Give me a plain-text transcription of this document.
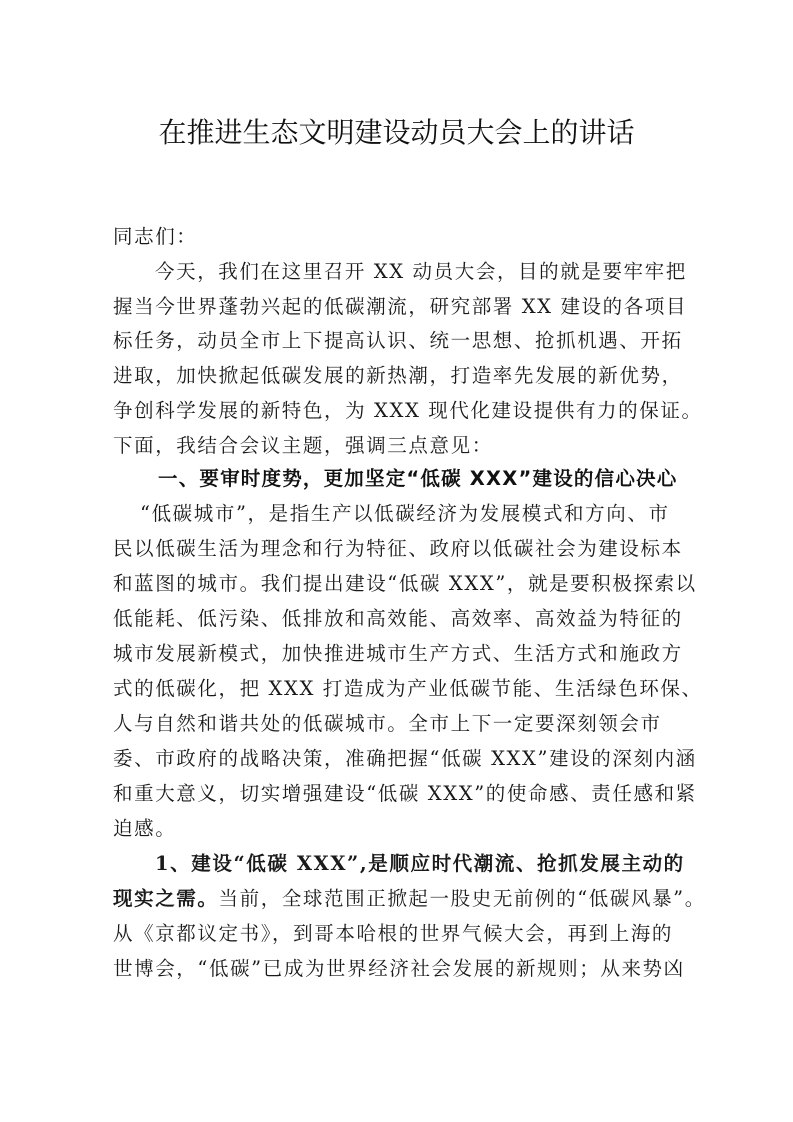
在推进生态文明建设动员大会上的讲话
同志们：
今天，我们在这里召开 XX 动员大会，目的就是要牢牢把
握当今世界蓬勃兴起的低碳潮流，研究部署 XX 建设的各项目
标任务，动员全市上下提高认识、统一思想、抢抓机遇、开拓
进取，加快掀起低碳发展的新热潮，打造率先发展的新优势，
争创科学发展的新特色，为 XXX 现代化建设提供有力的保证。
下面，我结合会议主题，强调三点意见：
一、要审时度势，更加坚定“低碳 XXX”建设的信心决心
“低碳城市”，是指生产以低碳经济为发展模式和方向、市
民以低碳生活为理念和行为特征、政府以低碳社会为建设标本
和蓝图的城市。我们提出建设“低碳 XXX”，就是要积极探索以
低能耗、低污染、低排放和高效能、高效率、高效益为特征的
城市发展新模式，加快推进城市生产方式、生活方式和施政方
式的低碳化，把 XXX 打造成为产业低碳节能、生活绿色环保、
人与自然和谐共处的低碳城市。全市上下一定要深刻领会市
委、市政府的战略决策，准确把握“低碳 XXX”建设的深刻内涵
和重大意义，切实增强建设“低碳 XXX”的使命感、责任感和紧
迫感。
1、建设“低碳 XXX”,是顺应时代潮流、抢抓发展主动的
现实之需。当前，全球范围正掀起一股史无前例的“低碳风暴”。
从《京都议定书》，到哥本哈根的世界气候大会，再到上海的
世博会，“低碳”已成为世界经济社会发展的新规则；从来势凶
